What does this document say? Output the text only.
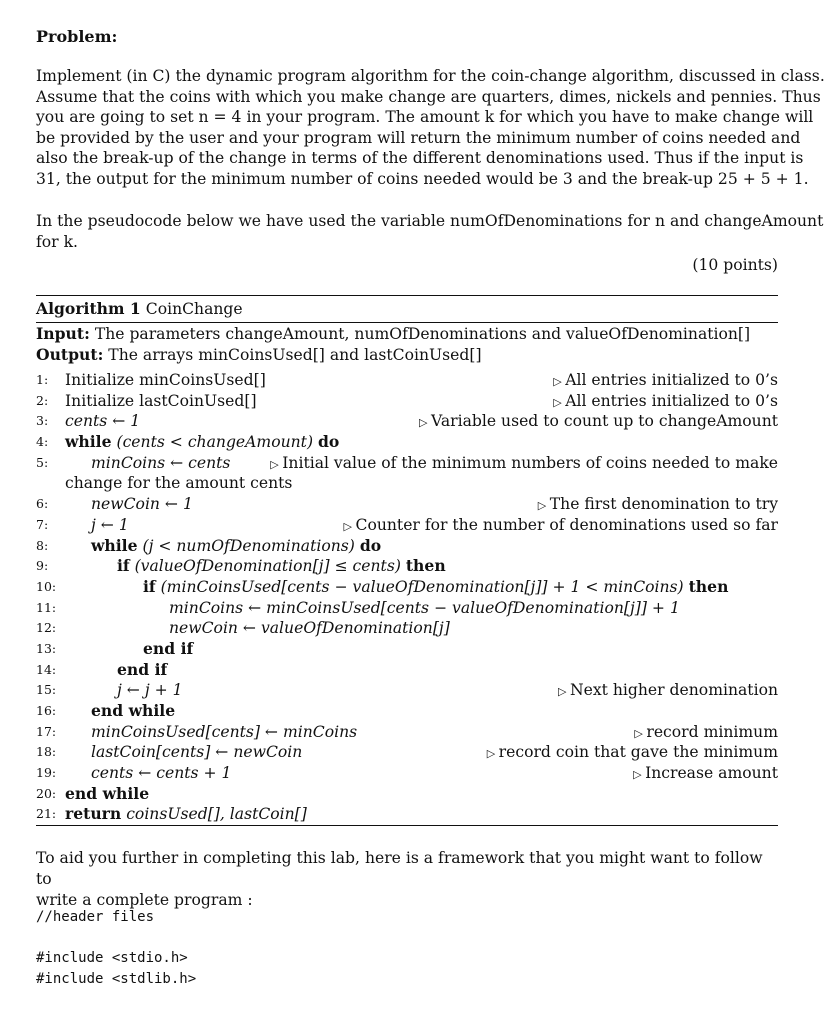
Problem:
Implement (in C) the dynamic program algorithm for the coin-change algorithm, discussed in class.
Assume that the coins with which you make change are quarters, dimes, nickels and pennies. Thus
you are going to set n = 4 in your program. The amount k for which you have to make change will
be provided by the user and your program will return the minimum number of coins needed and
also the break-up of the change in terms of the different denominations used. Thus if the input is
31, the output for the minimum number of coins needed would be 3 and the break-up 25 + 5 + 1.
In the pseudocode below we have used the variable numOfDenominations for n and changeAmount
for k.
(10 points)
Algorithm 1 CoinChange
Input: The parameters changeAmount, numOfDenominations and valueOfDenomination[]
Output: The arrays minCoinsUsed[] and lastCoinUsed[]
1:	Initialize minCoinsUsed[]	▷ All entries initialized to 0’s
2:	Initialize lastCoinUsed[]	▷ All entries initialized to 0’s
3:	cents ← 1	▷ Variable used to count up to changeAmount
4:	while (cents < changeAmount) do
5:	minCoins ← cents	▷ Initial value of the minimum numbers of coins needed to make
change for the amount cents
6:	newCoin ← 1	▷ The first denomination to try
7:	j ← 1	▷ Counter for the number of denominations used so far
8:	while (j < numOfDenominations) do
9:	if (valueOfDenomination[j] ≤ cents) then
10:	if (minCoinsUsed[cents − valueOfDenomination[j]] + 1 < minCoins) then
11:	minCoins ← minCoinsUsed[cents − valueOfDenomination[j]] + 1
12:	newCoin ← valueOfDenomination[j]
13:	end if
14:	end if
15:	j ← j + 1	▷ Next higher denomination
16: end while
17: minCoinsUsed[cents] ← minCoins	▷ record minimum
18: lastCoin[cents] ← newCoin	▷ record coin that gave the minimum
19: cents ← cents + 1	▷ Increase amount
20: end while
21: return coinsUsed[], lastCoin[]
To aid you further in completing this lab, here is a framework that you might want to follow to
write a complete program :
//header files
#include <stdio.h>
#include <stdlib.h>
